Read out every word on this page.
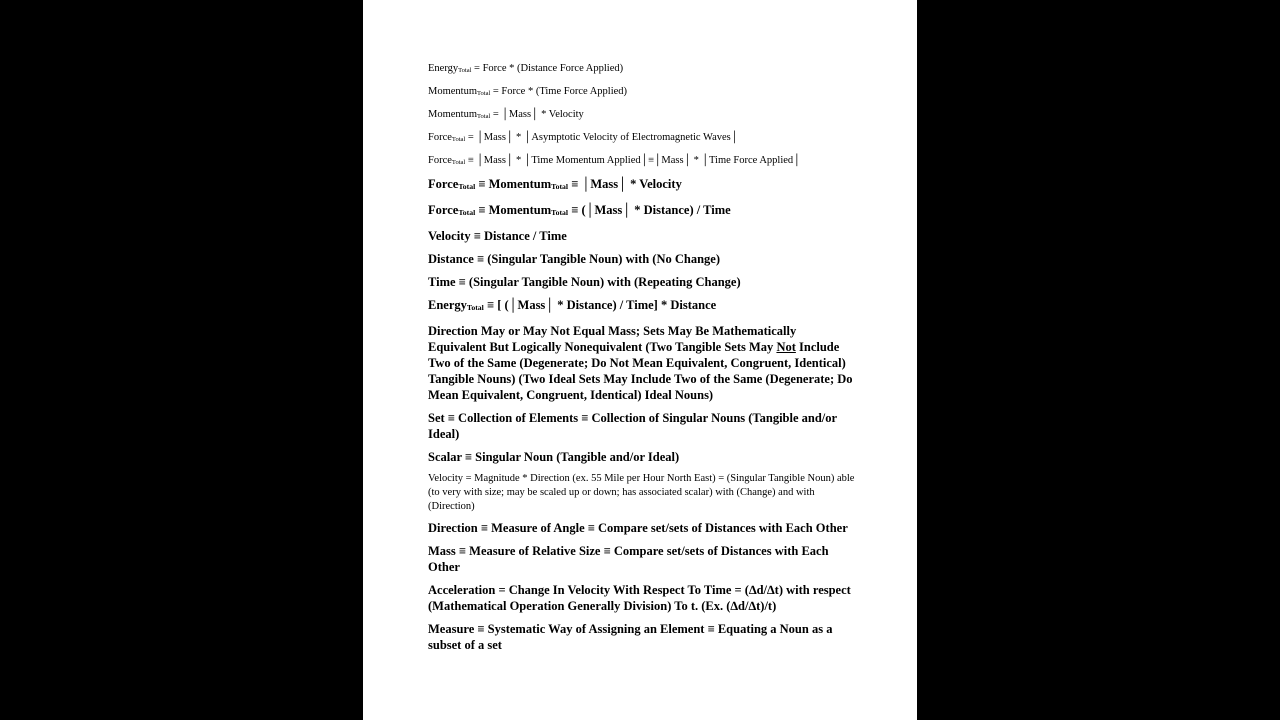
Energy$_{Total}$ = Force * (Distance Force Applied)
Momentum$_{Total}$ = Force * (Time Force Applied)
Momentum$_{Total}$ = │Mass│ * Velocity
Force$_{Total}$ = │Mass│ * │Asymptotic Velocity of Electromagnetic Waves│
Force$_{Total}$ ≡ │Mass│ * │Time Momentum Applied│≡│Mass│ * │Time Force Applied│
Force$_{Total}$ ≡ Momentum$_{Total}$ ≡ │Mass│ * Velocity
Force$_{Total}$ ≡ Momentum$_{Total}$ ≡ (│Mass│ * Distance) / Time
Velocity ≡ Distance / Time
Distance ≡ (Singular Tangible Noun) with (No Change)
Time ≡ (Singular Tangible Noun) with (Repeating Change)
Energy$_{Total}$ ≡ [ (│Mass│ * Distance) / Time] * Distance
Direction May or May Not Equal Mass; Sets May Be Mathematically Equivalent But Logically Nonequivalent (Two Tangible Sets May Not Include Two of the Same (Degenerate; Do Not Mean Equivalent, Congruent, Identical) Tangible Nouns) (Two Ideal Sets May Include Two of the Same (Degenerate; Do Mean Equivalent, Congruent, Identical) Ideal Nouns)
Set ≡ Collection of Elements ≡ Collection of Singular Nouns (Tangible and/or Ideal)
Scalar ≡ Singular Noun (Tangible and/or Ideal)
Velocity = Magnitude * Direction (ex. 55 Mile per Hour North East) = (Singular Tangible Noun) able (to very with size; may be scaled up or down; has associated scalar) with (Change) and with (Direction)
Direction ≡ Measure of Angle ≡ Compare set/sets of Distances with Each Other
Mass ≡ Measure of Relative Size ≡ Compare set/sets of Distances with Each Other
Acceleration = Change In Velocity With Respect To Time = (∆d/∆t) with respect (Mathematical Operation Generally Division) To t. (Ex. (∆d/∆t)/t)
Measure ≡ Systematic Way of Assigning an Element ≡ Equating a Noun as a subset of a set
